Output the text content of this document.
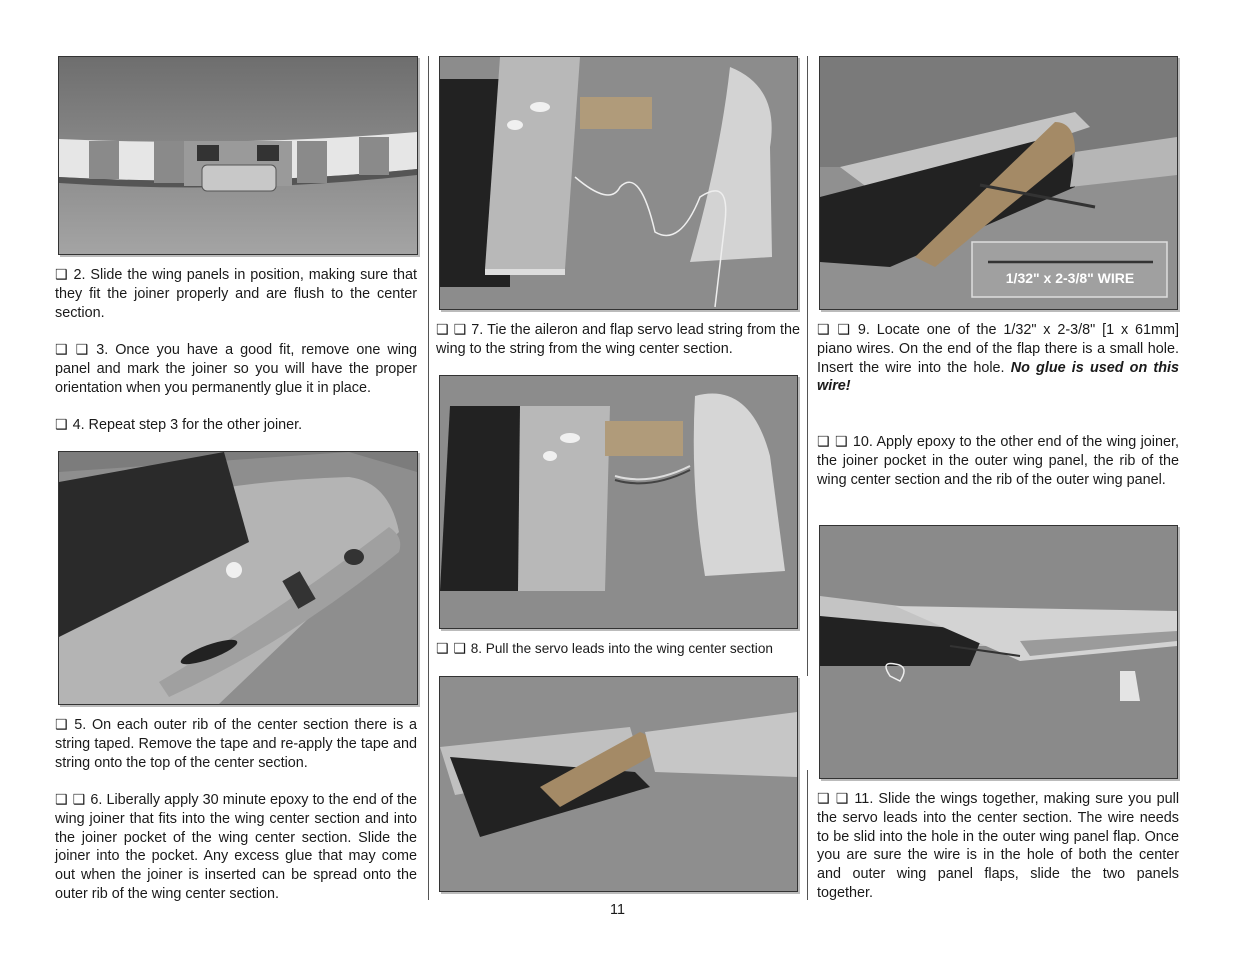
❑ 2. Slide the wing panels in position, making sure that they fit the joiner properly and are flush to the center section.

❑ ❑ 3. Once you have a good fit, remove one wing panel and mark the joiner so you will have the proper orientation when you permanently glue it in place.

❑ 4. Repeat step 3 for the other joiner.

❑ 5. On each outer rib of the center section there is a string taped. Remove the tape and re-apply the tape and string onto the top of the center section.

❑ ❑ 6. Liberally apply 30 minute epoxy to the end of the wing joiner that fits into the wing center section and into the joiner pocket of the wing center section. Slide the joiner into the pocket. Any excess glue that may come out when the joiner is inserted can be spread onto the outer rib of the wing center section.

❑ ❑ 7. Tie the aileron and flap servo lead string from the wing to the string from the wing center section.

❑ ❑ 8. Pull the servo leads into the wing center section

1/32" x 2-3/8" WIRE

❑ ❑ 9. Locate one of the 1/32" x 2-3/8" [1 x 61mm] piano wires. On the end of the flap there is a small hole. Insert the wire into the hole. No glue is used on this wire!

❑ ❑ 10. Apply epoxy to the other end of the wing joiner, the joiner pocket in the outer wing panel, the rib of the wing center section and the rib of the outer wing panel.

❑ ❑ 11. Slide the wings together, making sure you pull the servo leads into the center section. The wire needs to be slid into the hole in the outer wing panel flap. Once you are sure the wire is in the hole of both the center and outer wing panel flaps, slide the two panels together.

11
